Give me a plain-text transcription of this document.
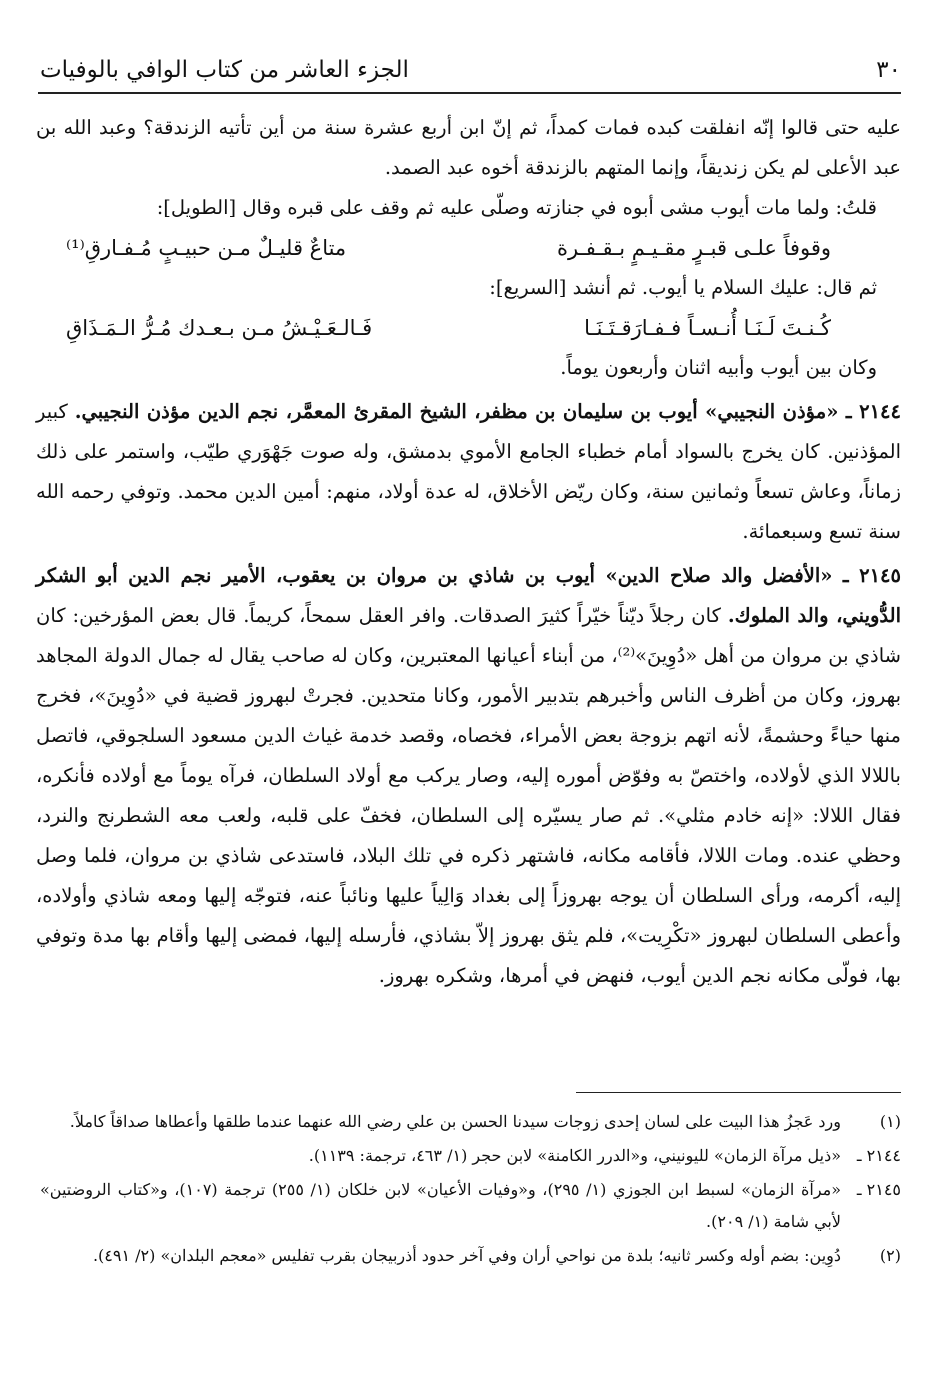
٣٠
الجزء العاشر من كتاب الوافي بالوفيات

عليه حتى قالوا إنّه انفلقت كبده فمات كمداً، ثم إنّ ابن أربع عشرة سنة من أين تأتيه الزندقة؟ وعبد الله بن عبد الأعلى لم يكن زنديقاً، وإنما المتهم بالزندقة أخوه عبد الصمد.

قلتُ: ولما مات أيوب مشى أبوه في جنازته وصلّى عليه ثم وقف على قبره وقال [الطويل]:

وقوفاً علـى قبـرٍ مقـيـمٍ بـقـفـرة
متاعٌ قليـلٌ مـن حبيـبٍ مُـفـارقِ⁽¹⁾

ثم قال: عليك السلام يا أيوب. ثم أنشد [السريع]:

كُـنـتَ لَـنَـا أُنـسـاً فـفـارَقـتَـنَـا
فَـالـعَـيْـشُ مـن بـعـدك مُـرُّ الـمَـذَاقِ

وكان بين أيوب وأبيه اثنان وأربعون يوماً.

٢١٤٤ ـ «مؤذن النجيبي» أيوب بن سليمان بن مظفر، الشيخ المقرئ المعمَّر، نجم الدين مؤذن النجيبي. كبير المؤذنين. كان يخرج بالسواد أمام خطباء الجامع الأموي بدمشق، وله صوت جَهْوَري طيّب، واستمر على ذلك زماناً، وعاش تسعاً وثمانين سنة، وكان ريّض الأخلاق، له عدة أولاد، منهم: أمين الدين محمد. وتوفي رحمه الله سنة تسع وسبعمائة.

٢١٤٥ ـ «الأفضل والد صلاح الدين» أيوب بن شاذي بن مروان بن يعقوب، الأمير نجم الدين أبو الشكر الدُّويني، والد الملوك. كان رجلاً ديّناً خيّراً كثيرَ الصدقات. وافر العقل سمحاً، كريماً. قال بعض المؤرخين: كان شاذي بن مروان من أهل «دُوِينَ»⁽²⁾، من أبناء أعيانها المعتبرين، وكان له صاحب يقال له جمال الدولة المجاهد بهروز، وكان من أظرف الناس وأخبرهم بتدبير الأمور، وكانا متحدين. فجرتْ لبهروز قضية في «دُوِينَ»، فخرج منها حياءً وحشمةً، لأنه اتهم بزوجة بعض الأمراء، فخصاه، وقصد خدمة غياث الدين مسعود السلجوقي، فاتصل باللالا الذي لأولاده، واختصّ به وفوّض أموره إليه، وصار يركب مع أولاد السلطان، فرآه يوماً مع أولاده فأنكره، فقال اللالا: «إنه خادم مثلي». ثم صار يسيّره إلى السلطان، فخفّ على قلبه، ولعب معه الشطرنج والنرد، وحظي عنده. ومات اللالا، فأقامه مكانه، فاشتهر ذكره في تلك البلاد، فاستدعى شاذي بن مروان، فلما وصل إليه، أكرمه، ورأى السلطان أن يوجه بهروزاً إلى بغداد وَالِياً عليها ونائباً عنه، فتوجّه إليها ومعه شاذي وأولاده، وأعطى السلطان لبهروز «تكْرِيت»، فلم يثق بهروز إلاّ بشاذي، فأرسله إليها، فمضى إليها وأقام بها مدة وتوفي بها، فولّى مكانه نجم الدين أيوب، فنهض في أمرها، وشكره بهروز.

(١)
ورد عَجزُ هذا البيت على لسان إحدى زوجات سيدنا الحسن بن علي رضي الله عنهما عندما طلقها وأعطاها صداقاً كاملاً.
٢١٤٤ ـ
«ذيل مرآة الزمان» لليونيني، و«الدرر الكامنة» لابن حجر (١/ ٤٦٣، ترجمة: ١١٣٩).
٢١٤٥ ـ
«مرآة الزمان» لسبط ابن الجوزي (١/ ٢٩٥)، و«وفيات الأعيان» لابن خلكان (١/ ٢٥٥) ترجمة (١٠٧)، و«كتاب الروضتين» لأبي شامة (١/ ٢٠٩).
(٢)
دُوِين: بضم أوله وكسر ثانيه؛ بلدة من نواحي أران وفي آخر حدود أذربيجان بقرب تفليس «معجم البلدان» (٢/ ٤٩١).
